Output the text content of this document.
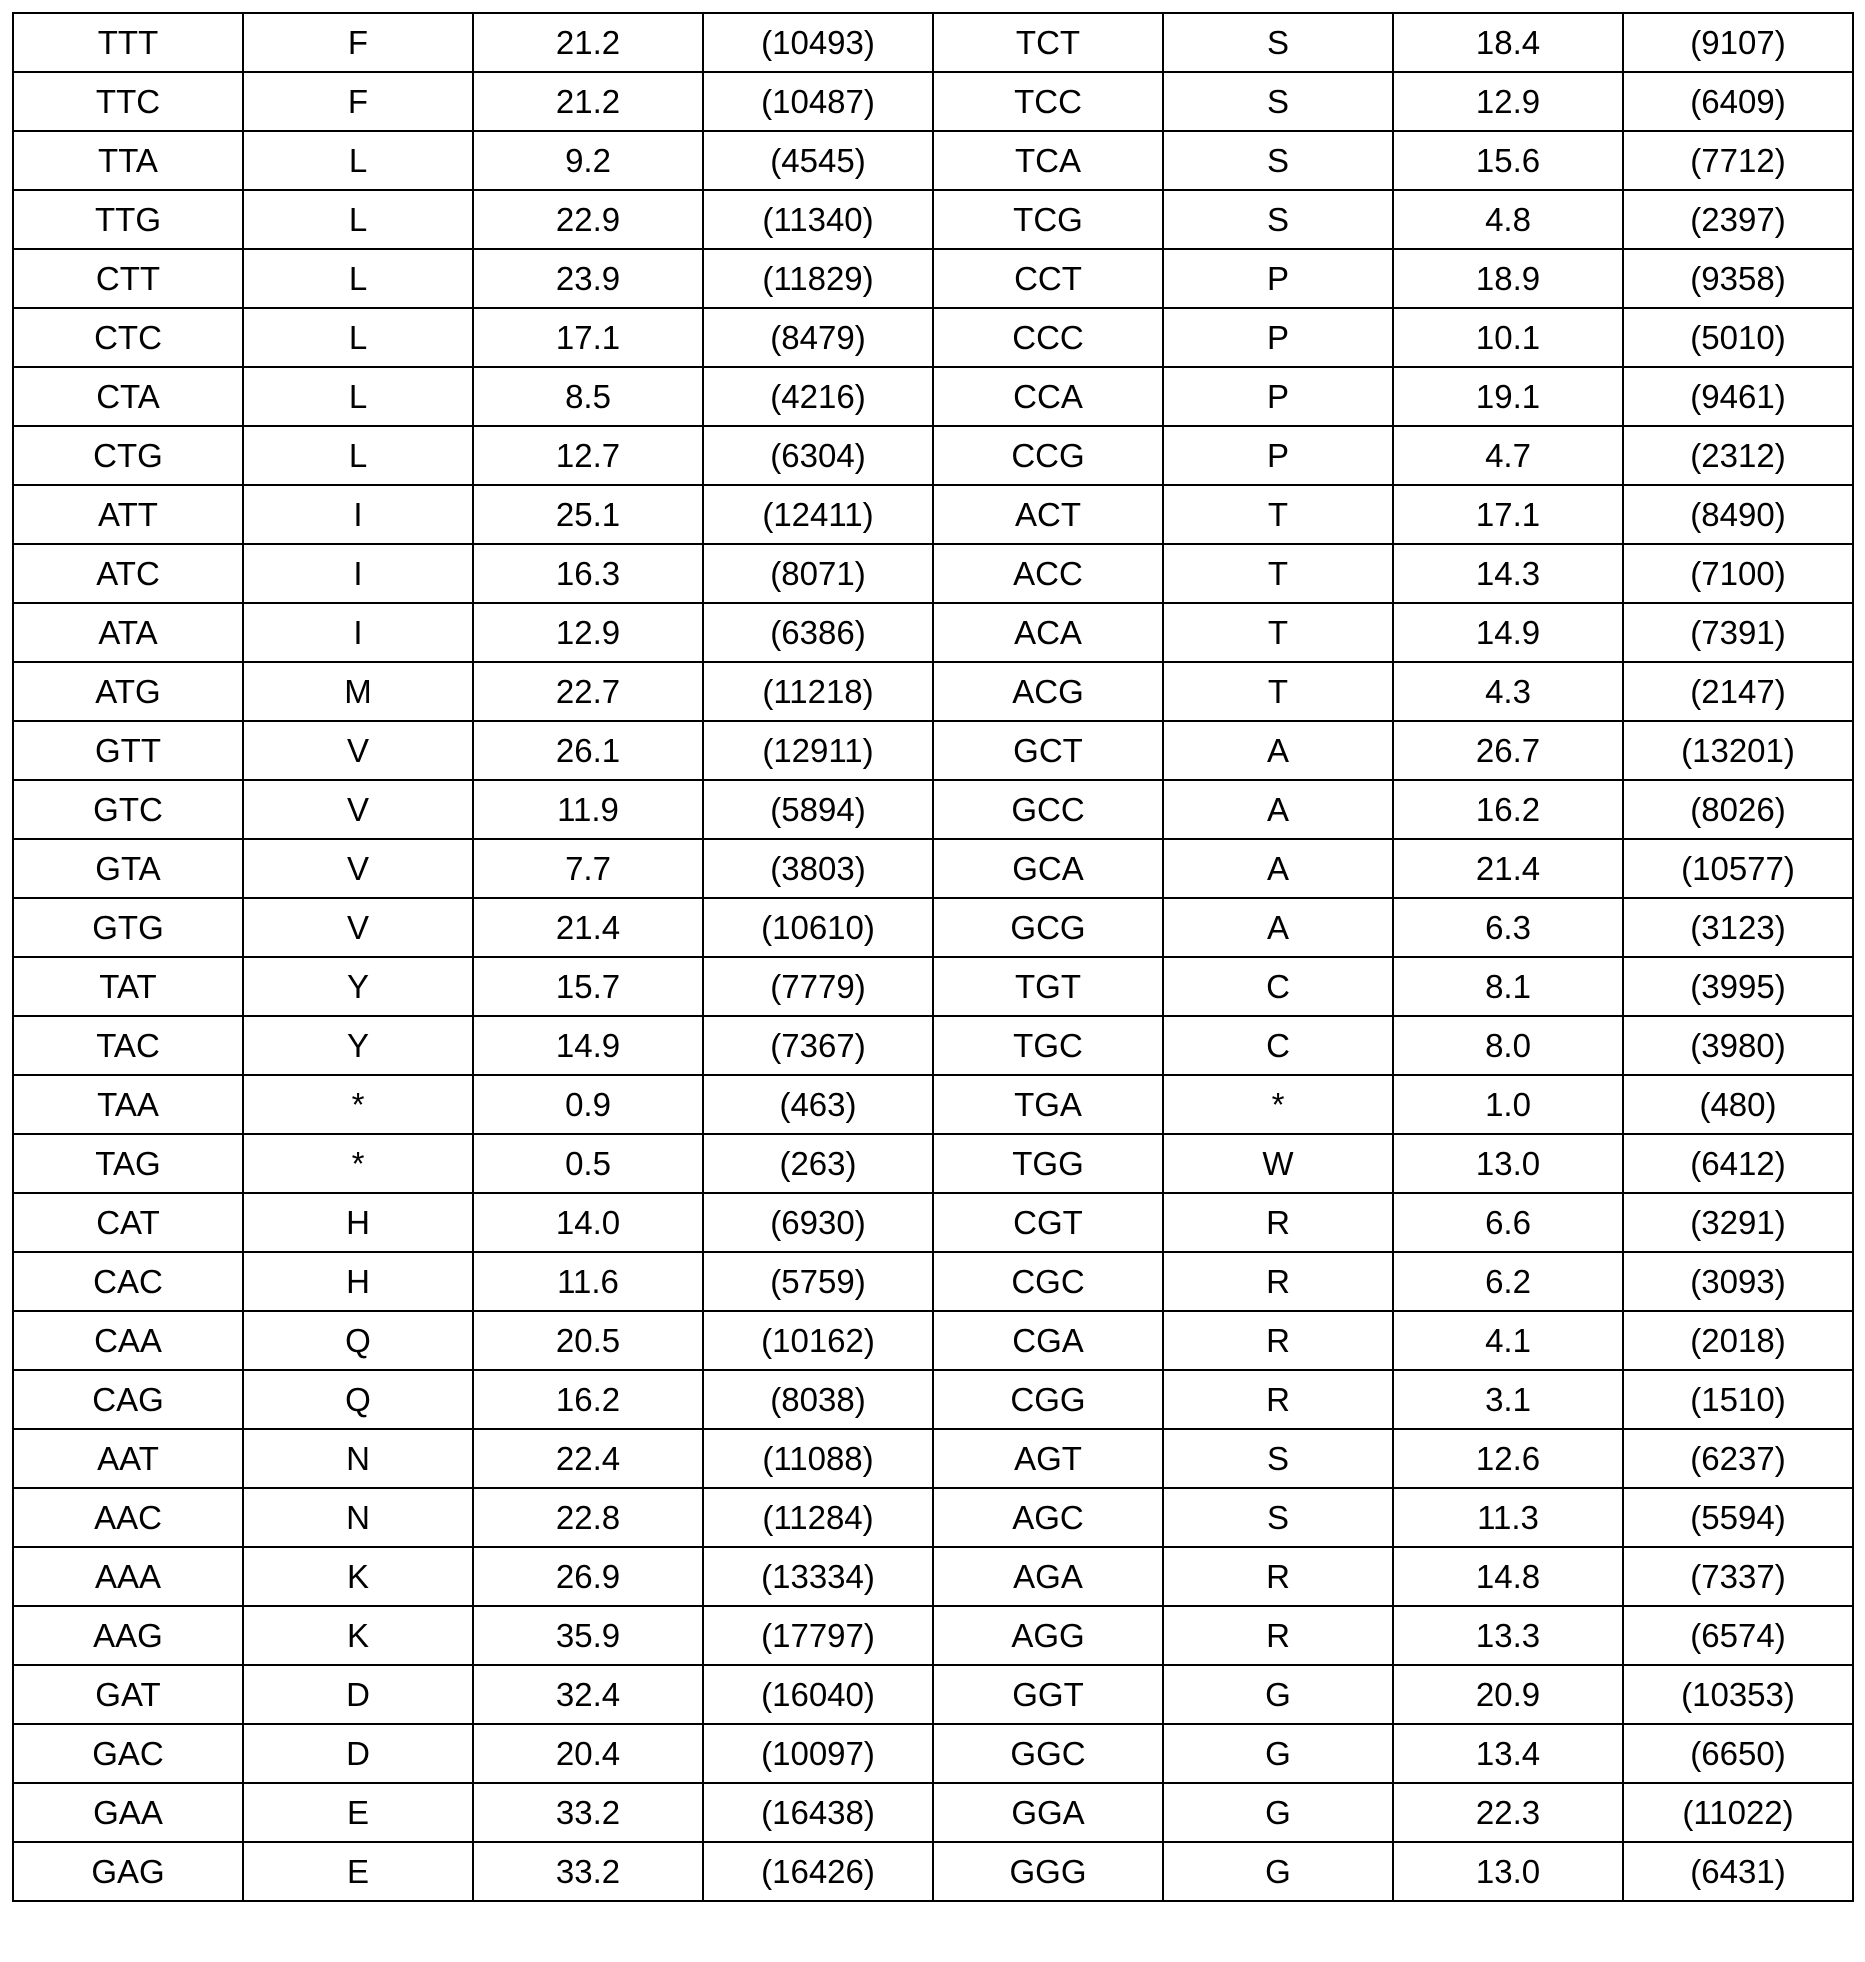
TTT	F	21.2	(10493)	TCT	S	18.4	(9107)
TTC	F	21.2	(10487)	TCC	S	12.9	(6409)
TTA	L	9.2	(4545)	TCA	S	15.6	(7712)
TTG	L	22.9	(11340)	TCG	S	4.8	(2397)
CTT	L	23.9	(11829)	CCT	P	18.9	(9358)
CTC	L	17.1	(8479)	CCC	P	10.1	(5010)
CTA	L	8.5	(4216)	CCA	P	19.1	(9461)
CTG	L	12.7	(6304)	CCG	P	4.7	(2312)
ATT	I	25.1	(12411)	ACT	T	17.1	(8490)
ATC	I	16.3	(8071)	ACC	T	14.3	(7100)
ATA	I	12.9	(6386)	ACA	T	14.9	(7391)
ATG	M	22.7	(11218)	ACG	T	4.3	(2147)
GTT	V	26.1	(12911)	GCT	A	26.7	(13201)
GTC	V	11.9	(5894)	GCC	A	16.2	(8026)
GTA	V	7.7	(3803)	GCA	A	21.4	(10577)
GTG	V	21.4	(10610)	GCG	A	6.3	(3123)
TAT	Y	15.7	(7779)	TGT	C	8.1	(3995)
TAC	Y	14.9	(7367)	TGC	C	8.0	(3980)
TAA	*	0.9	(463)	TGA	*	1.0	(480)
TAG	*	0.5	(263)	TGG	W	13.0	(6412)
CAT	H	14.0	(6930)	CGT	R	6.6	(3291)
CAC	H	11.6	(5759)	CGC	R	6.2	(3093)
CAA	Q	20.5	(10162)	CGA	R	4.1	(2018)
CAG	Q	16.2	(8038)	CGG	R	3.1	(1510)
AAT	N	22.4	(11088)	AGT	S	12.6	(6237)
AAC	N	22.8	(11284)	AGC	S	11.3	(5594)
AAA	K	26.9	(13334)	AGA	R	14.8	(7337)
AAG	K	35.9	(17797)	AGG	R	13.3	(6574)
GAT	D	32.4	(16040)	GGT	G	20.9	(10353)
GAC	D	20.4	(10097)	GGC	G	13.4	(6650)
GAA	E	33.2	(16438)	GGA	G	22.3	(11022)
GAG	E	33.2	(16426)	GGG	G	13.0	(6431)
